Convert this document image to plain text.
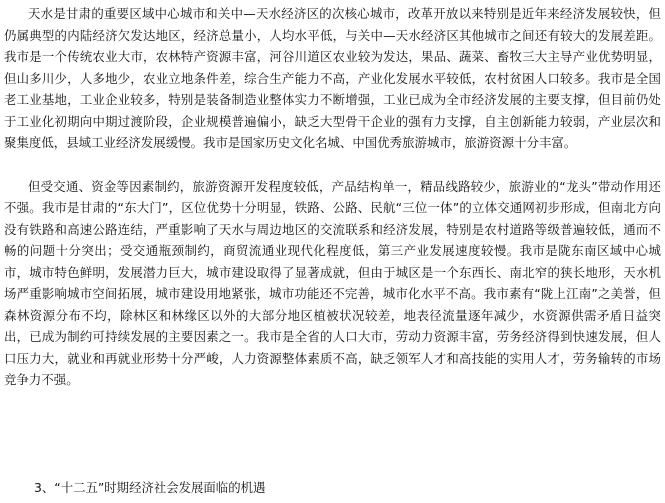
天水是甘肃的重要区域中心城市和关中—天水经济区的次核心城市，改革开放以来特别是近年来经济发展较快，但仍属典型的内陆经济欠发达地区，经济总量小，人均水平低，与关中—天水经济区其他城市之间还有较大的发展差距。我市是一个传统农业大市，农林特产资源丰富，河谷川道区农业较为发达，果品、蔬菜、畜牧三大主导产业优势明显，但山多川少，人多地少，农业立地条件差，综合生产能力不高，产业化发展水平较低，农村贫困人口较多。我市是全国老工业基地，工业企业较多，特别是装备制造业整体实力不断增强，工业已成为全市经济发展的主要支撑，但目前仍处于工业化初期向中期过渡阶段，企业规模普遍偏小，缺乏大型骨干企业的强有力支撑，自主创新能力较弱，产业层次和聚集度低，县域工业经济发展缓慢。我市是国家历史文化名城、中国优秀旅游城市，旅游资源十分丰富。

但受交通、资金等因素制约，旅游资源开发程度较低，产品结构单一，精品线路较少，旅游业的“龙头”带动作用还不强。我市是甘肃的“东大门”，区位优势十分明显，铁路、公路、民航“三位一体”的立体交通网初步形成，但南北方向没有铁路和高速公路连结，严重影响了天水与周边地区的交流联系和经济发展，特别是农村道路等级普遍较低，通而不畅的问题十分突出；受交通瓶颈制约，商贸流通业现代化程度低，第三产业发展速度较慢。我市是陇东南区域中心城市，城市特色鲜明，发展潜力巨大，城市建设取得了显著成就，但由于城区是一个东西长、南北窄的狭长地形，天水机场严重影响城市空间拓展，城市建设用地紧张，城市功能还不完善，城市化水平不高。我市素有“陇上江南”之美誉，但森林资源分布不均，除林区和林缘区以外的大部分地区植被状况较差，地表径流量逐年减少，水资源供需矛盾日益突出，已成为制约可持续发展的主要因素之一。我市是全省的人口大市，劳动力资源丰富，劳务经济得到快速发展，但人口压力大，就业和再就业形势十分严峻，人力资源整体素质不高，缺乏领军人才和高技能的实用人才，劳务输转的市场竞争力不强。

3、“十二五”时期经济社会发展面临的机遇
